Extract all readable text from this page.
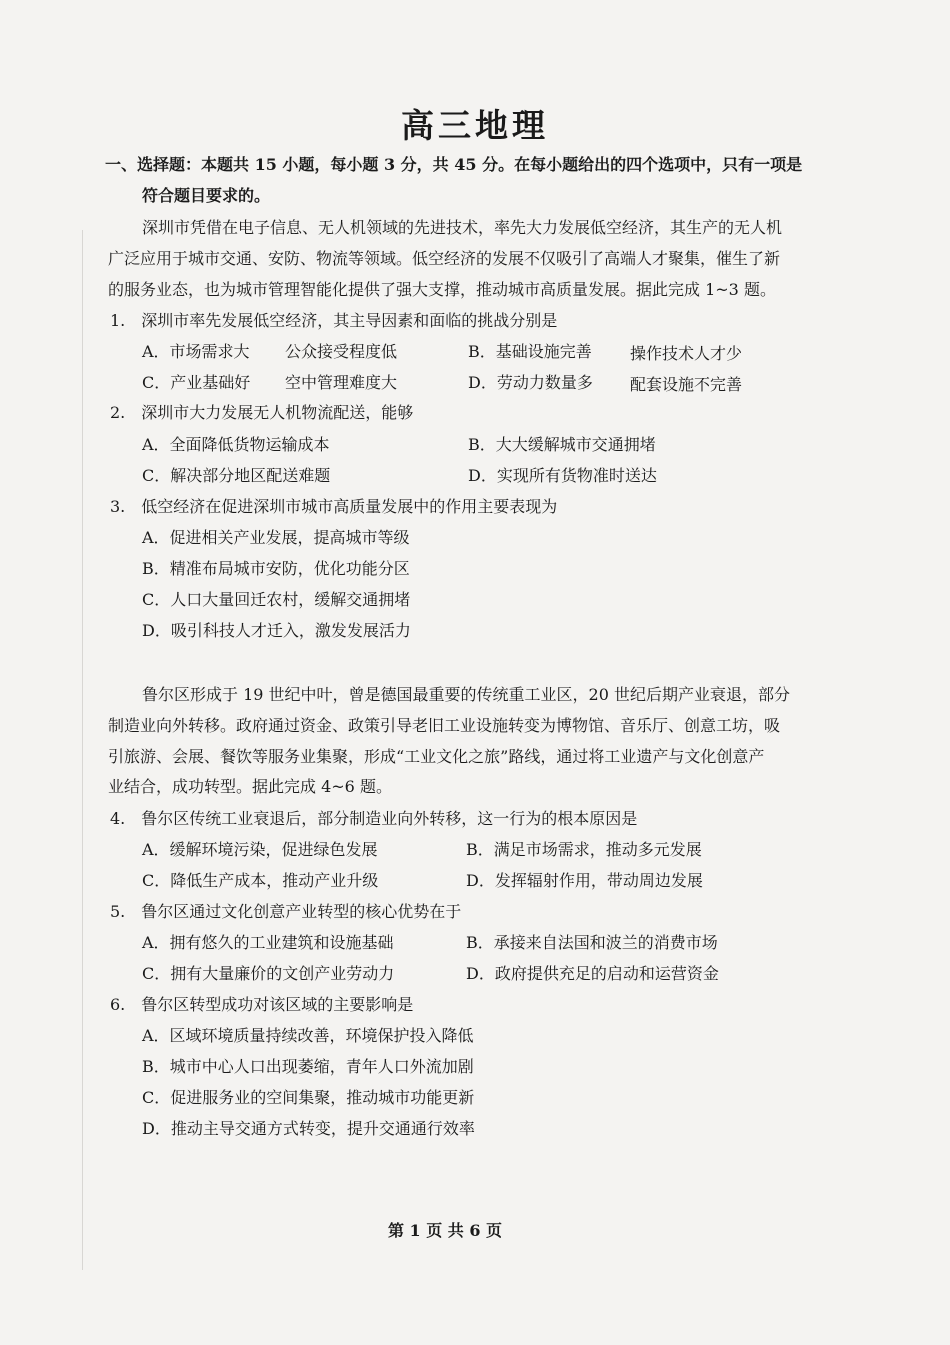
高三地理
一、选择题：本题共 15 小题，每小题 3 分，共 45 分。在每小题给出的四个选项中，只有一项是
符合题目要求的。
深圳市凭借在电子信息、无人机领域的先进技术，率先大力发展低空经济，其生产的无人机
广泛应用于城市交通、安防、物流等领域。低空经济的发展不仅吸引了高端人才聚集，催生了新
的服务业态，也为城市管理智能化提供了强大支撑，推动城市高质量发展。据此完成 1~3 题。
1.　深圳市率先发展低空经济，其主导因素和面临的挑战分别是
A．市场需求大 公众接受程度低	B．基础设施完善 操作技术人才少
C．产业基础好 空中管理难度大	D．劳动力数量多 配套设施不完善
2.　深圳市大力发展无人机物流配送，能够
A．全面降低货物运输成本	B．大大缓解城市交通拥堵
C．解决部分地区配送难题	D．实现所有货物准时送达
3.　低空经济在促进深圳市城市高质量发展中的作用主要表现为
A．促进相关产业发展，提高城市等级
B．精准布局城市安防，优化功能分区
C．人口大量回迁农村，缓解交通拥堵
D．吸引科技人才迁入，激发发展活力
鲁尔区形成于 19 世纪中叶，曾是德国最重要的传统重工业区，20 世纪后期产业衰退，部分
制造业向外转移。政府通过资金、政策引导老旧工业设施转变为博物馆、音乐厅、创意工坊，吸
引旅游、会展、餐饮等服务业集聚，形成“工业文化之旅”路线，通过将工业遗产与文化创意产
业结合，成功转型。据此完成 4~6 题。
4.　鲁尔区传统工业衰退后，部分制造业向外转移，这一行为的根本原因是
A．缓解环境污染，促进绿色发展	B．满足市场需求，推动多元发展
C．降低生产成本，推动产业升级	D．发挥辐射作用，带动周边发展
5.　鲁尔区通过文化创意产业转型的核心优势在于
A．拥有悠久的工业建筑和设施基础	B．承接来自法国和波兰的消费市场
C．拥有大量廉价的文创产业劳动力	D．政府提供充足的启动和运营资金
6.　鲁尔区转型成功对该区域的主要影响是
A．区域环境质量持续改善，环境保护投入降低
B．城市中心人口出现萎缩，青年人口外流加剧
C．促进服务业的空间集聚，推动城市功能更新
D．推动主导交通方式转变，提升交通通行效率
第 1 页 共 6 页
